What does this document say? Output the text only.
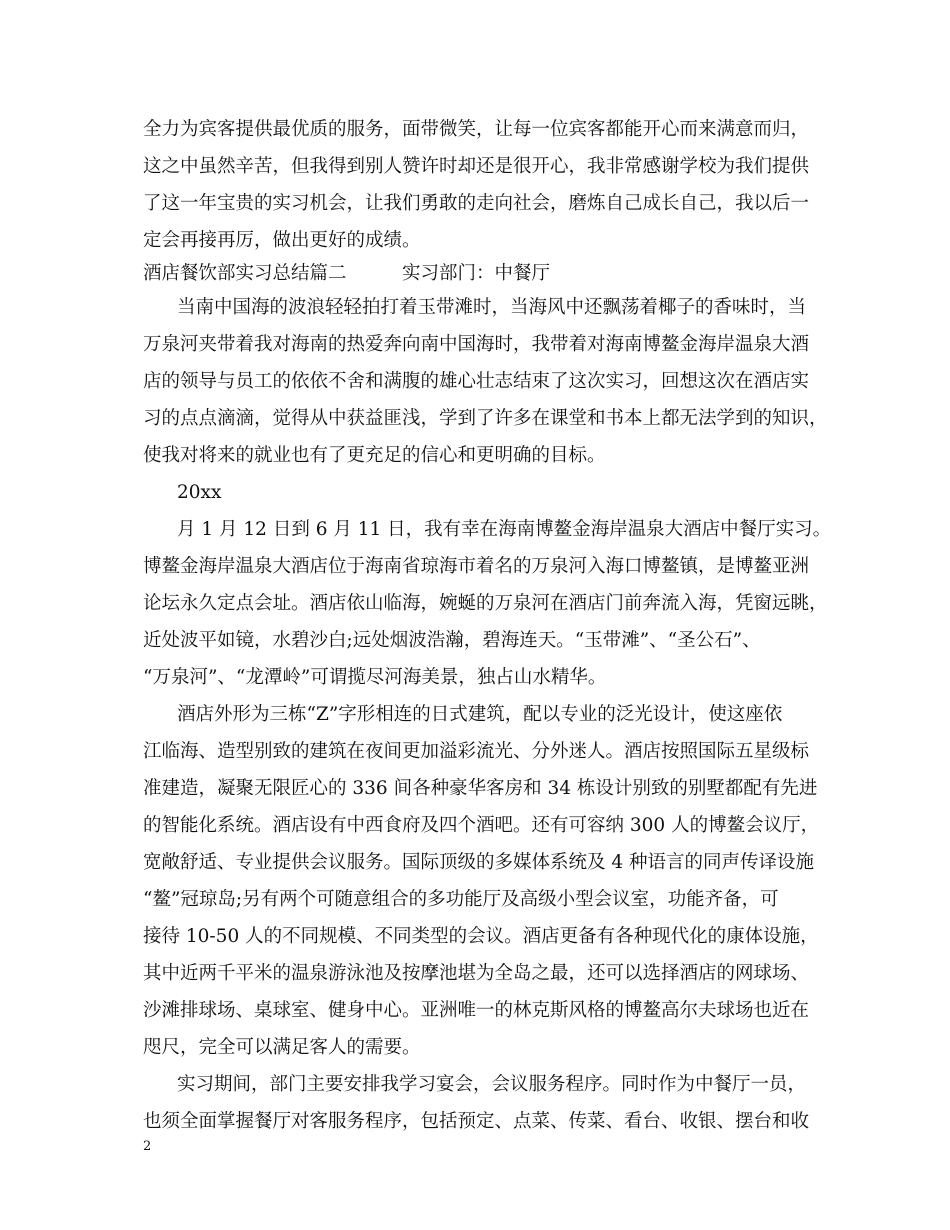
全力为宾客提供最优质的服务，面带微笑，让每一位宾客都能开心而来满意而归，

这之中虽然辛苦，但我得到别人赞许时却还是很开心，我非常感谢学校为我们提供

了这一年宝贵的实习机会，让我们勇敢的走向社会，磨炼自己成长自己，我以后一

定会再接再厉，做出更好的成绩。

酒店餐饮部实习总结篇二　　　实习部门：中餐厅

当南中国海的波浪轻轻拍打着玉带滩时，当海风中还飘荡着椰子的香味时，当

万泉河夹带着我对海南的热爱奔向南中国海时，我带着对海南博鳌金海岸温泉大酒

店的领导与员工的依依不舍和满腹的雄心壮志结束了这次实习，回想这次在酒店实

习的点点滴滴，觉得从中获益匪浅，学到了许多在课堂和书本上都无法学到的知识，

使我对将来的就业也有了更充足的信心和更明确的目标。

20xx

月 1 月 12 日到 6 月 11 日，我有幸在海南博鳌金海岸温泉大酒店中餐厅实习。

博鳌金海岸温泉大酒店位于海南省琼海市着名的万泉河入海口博鳌镇，是博鳌亚洲

论坛永久定点会址。酒店依山临海，婉蜒的万泉河在酒店门前奔流入海，凭窗远眺，

近处波平如镜，水碧沙白;远处烟波浩瀚，碧海连天。“玉带滩”、“圣公石”、

“万泉河”、“龙潭岭”可谓揽尽河海美景，独占山水精华。

酒店外形为三栋“Z”字形相连的日式建筑，配以专业的泛光设计，使这座依

江临海、造型别致的建筑在夜间更加溢彩流光、分外迷人。酒店按照国际五星级标

准建造，凝聚无限匠心的 336 间各种豪华客房和 34 栋设计别致的别墅都配有先进

的智能化系统。酒店设有中西食府及四个酒吧。还有可容纳 300 人的博鳌会议厅，

宽敞舒适、专业提供会议服务。国际顶级的多媒体系统及 4 种语言的同声传译设施

“鳌”冠琼岛;另有两个可随意组合的多功能厅及高级小型会议室，功能齐备，可

接待 10-50 人的不同规模、不同类型的会议。酒店更备有各种现代化的康体设施，

其中近两千平米的温泉游泳池及按摩池堪为全岛之最，还可以选择酒店的网球场、

沙滩排球场、桌球室、健身中心。亚洲唯一的林克斯风格的博鳌高尔夫球场也近在

咫尺，完全可以满足客人的需要。

实习期间，部门主要安排我学习宴会，会议服务程序。同时作为中餐厅一员，

也须全面掌握餐厅对客服务程序，包括预定、点菜、传菜、看台、收银、摆台和收

2
